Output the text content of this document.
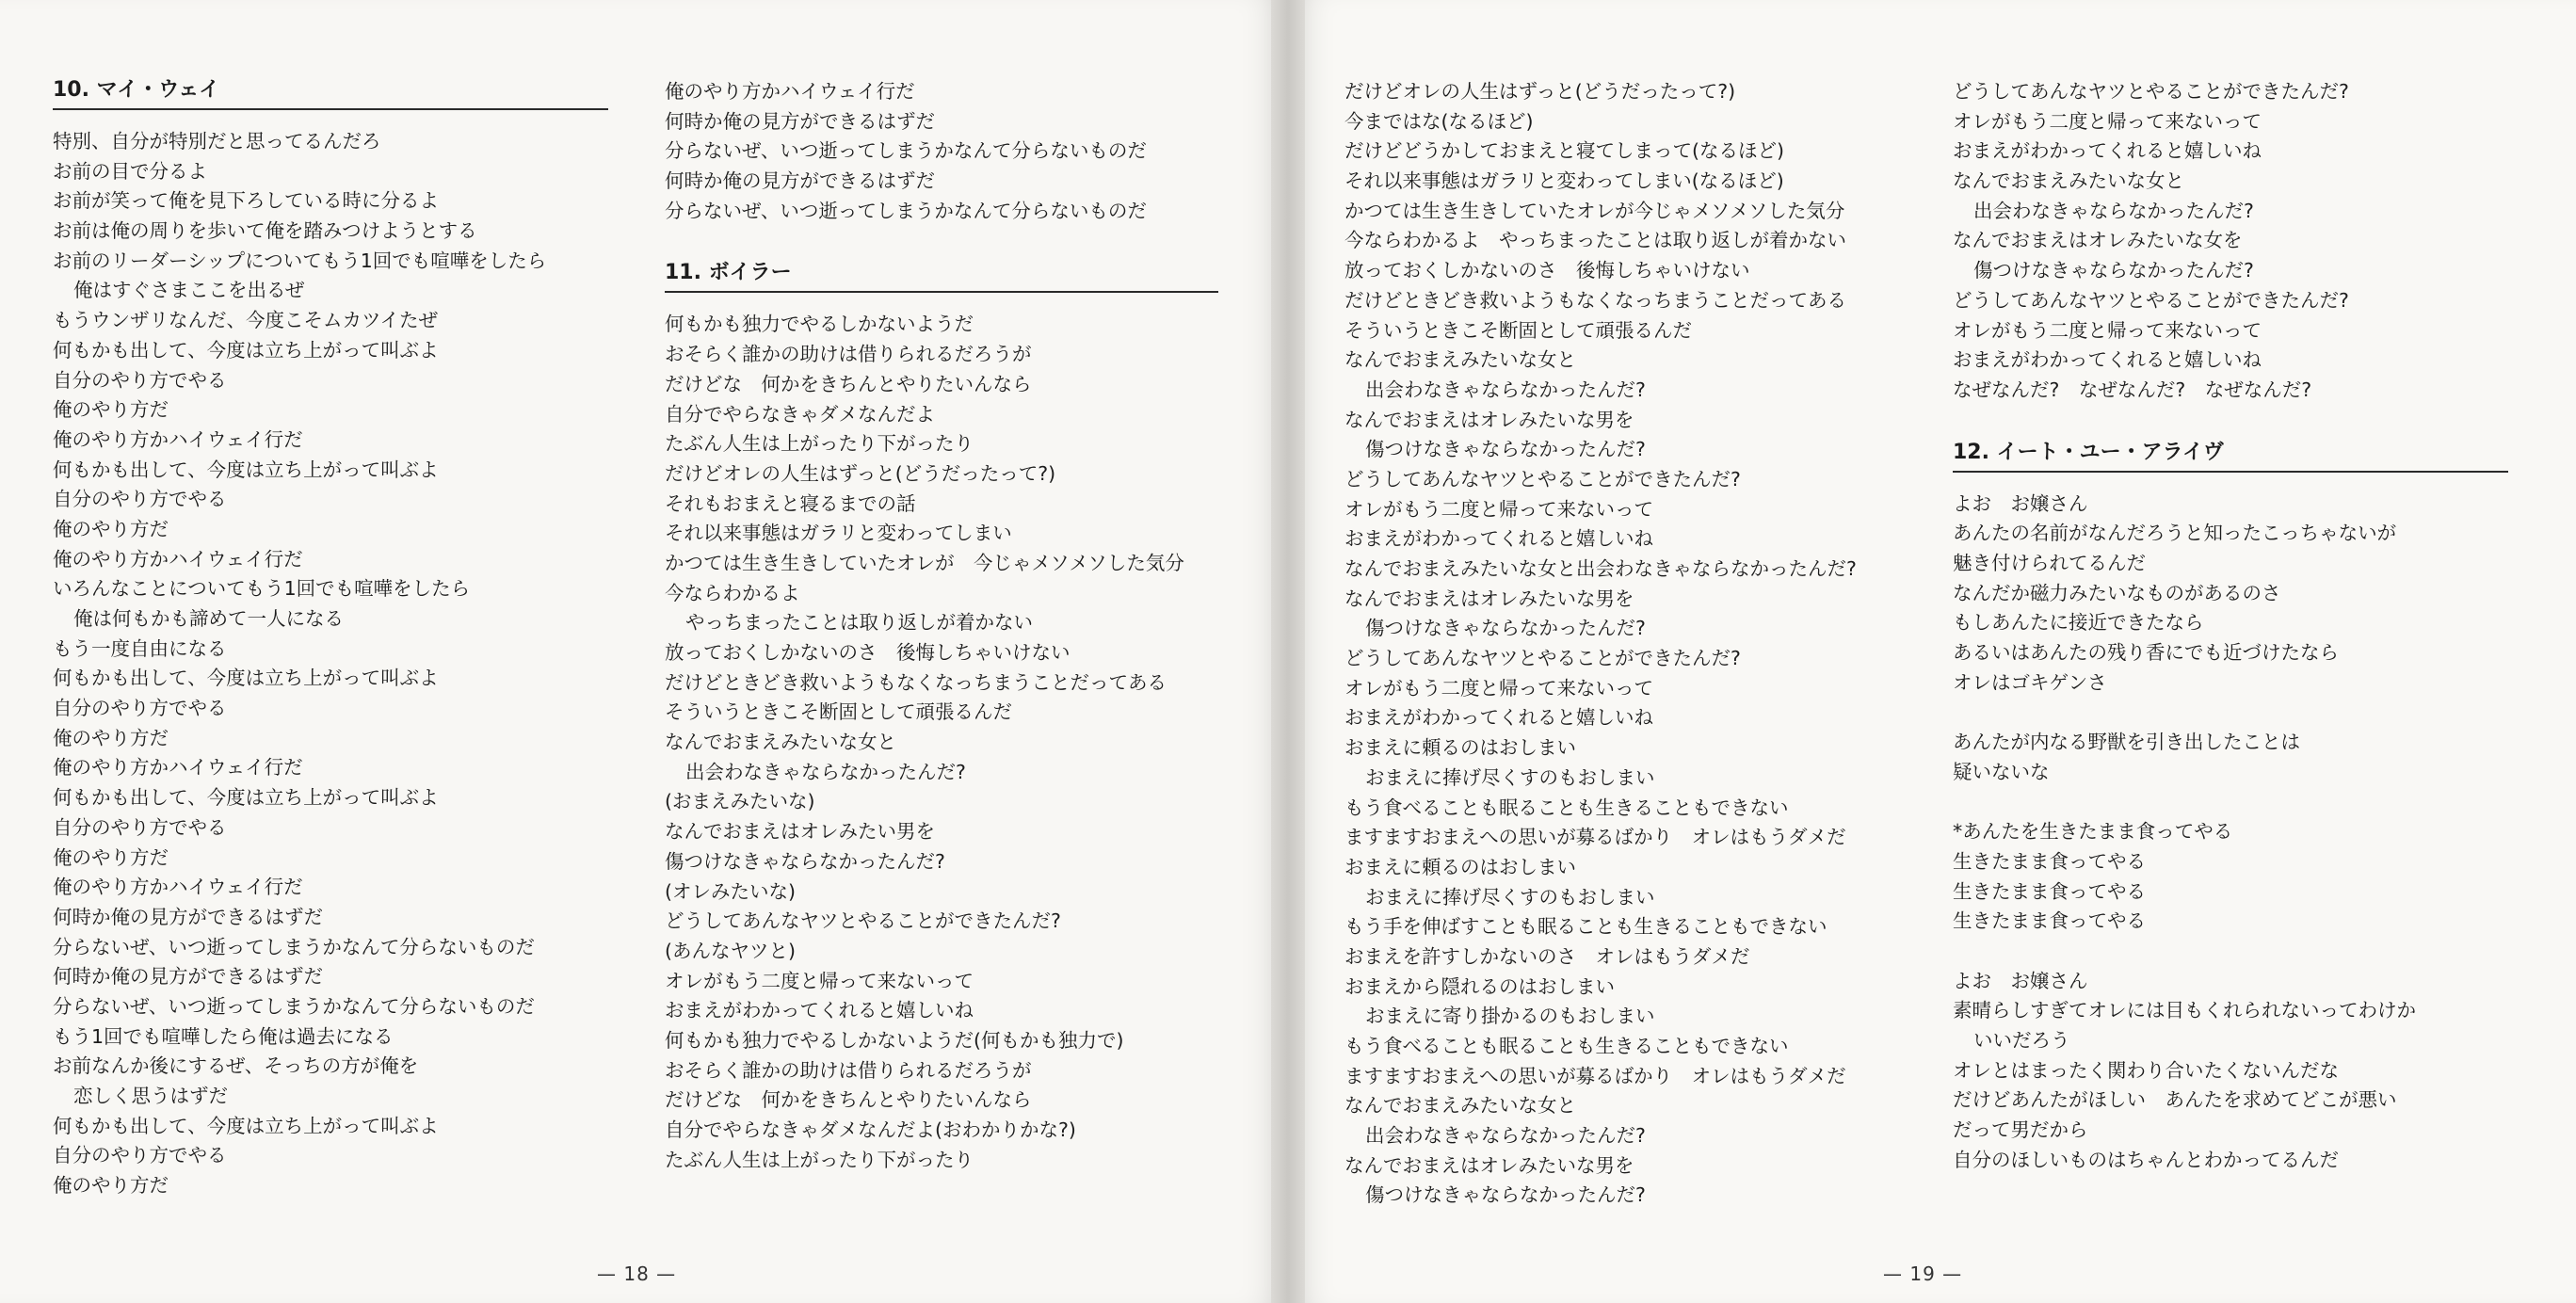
10. マイ・ウェイ
特別、自分が特別だと思ってるんだろ
お前の目で分るよ
お前が笑って俺を見下ろしている時に分るよ
お前は俺の周りを歩いて俺を踏みつけようとする
お前のリーダーシップについてもう1回でも喧嘩をしたら
俺はすぐさまここを出るぜ
もうウンザリなんだ、今度こそムカツイたぜ
何もかも出して、今度は立ち上がって叫ぶよ
自分のやり方でやる
俺のやり方だ
俺のやり方かハイウェイ行だ
何もかも出して、今度は立ち上がって叫ぶよ
自分のやり方でやる
俺のやり方だ
俺のやり方かハイウェイ行だ
いろんなことについてもう1回でも喧嘩をしたら
俺は何もかも諦めて一人になる
もう一度自由になる
何もかも出して、今度は立ち上がって叫ぶよ
自分のやり方でやる
俺のやり方だ
俺のやり方かハイウェイ行だ
何もかも出して、今度は立ち上がって叫ぶよ
自分のやり方でやる
俺のやり方だ
俺のやり方かハイウェイ行だ
何時か俺の見方ができるはずだ
分らないぜ、いつ逝ってしまうかなんて分らないものだ
何時か俺の見方ができるはずだ
分らないぜ、いつ逝ってしまうかなんて分らないものだ
もう1回でも喧嘩したら俺は過去になる
お前なんか後にするぜ、そっちの方が俺を
恋しく思うはずだ
何もかも出して、今度は立ち上がって叫ぶよ
自分のやり方でやる
俺のやり方だ
俺のやり方かハイウェイ行だ
何時か俺の見方ができるはずだ
分らないぜ、いつ逝ってしまうかなんて分らないものだ
何時か俺の見方ができるはずだ
分らないぜ、いつ逝ってしまうかなんて分らないものだ
11. ボイラー
何もかも独力でやるしかないようだ
おそらく誰かの助けは借りられるだろうが
だけどな　何かをきちんとやりたいんなら
自分でやらなきゃダメなんだよ
たぶん人生は上がったり下がったり
だけどオレの人生はずっと(どうだったって?)
それもおまえと寝るまでの話
それ以来事態はガラリと変わってしまい
かつては生き生きしていたオレが　今じゃメソメソした気分
今ならわかるよ
やっちまったことは取り返しが着かない
放っておくしかないのさ　後悔しちゃいけない
だけどときどき救いようもなくなっちまうことだってある
そういうときこそ断固として頑張るんだ
なんでおまえみたいな女と
出会わなきゃならなかったんだ?
(おまえみたいな)
なんでおまえはオレみたい男を
傷つけなきゃならなかったんだ?
(オレみたいな)
どうしてあんなヤツとやることができたんだ?
(あんなヤツと)
オレがもう二度と帰って来ないって
おまえがわかってくれると嬉しいね
何もかも独力でやるしかないようだ(何もかも独力で)
おそらく誰かの助けは借りられるだろうが
だけどな　何かをきちんとやりたいんなら
自分でやらなきゃダメなんだよ(おわかりかな?)
たぶん人生は上がったり下がったり
— 18 —
だけどオレの人生はずっと(どうだったって?)
今まではな(なるほど)
だけどどうかしておまえと寝てしまって(なるほど)
それ以来事態はガラリと変わってしまい(なるほど)
かつては生き生きしていたオレが今じゃメソメソした気分
今ならわかるよ　やっちまったことは取り返しが着かない
放っておくしかないのさ　後悔しちゃいけない
だけどときどき救いようもなくなっちまうことだってある
そういうときこそ断固として頑張るんだ
なんでおまえみたいな女と
出会わなきゃならなかったんだ?
なんでおまえはオレみたいな男を
傷つけなきゃならなかったんだ?
どうしてあんなヤツとやることができたんだ?
オレがもう二度と帰って来ないって
おまえがわかってくれると嬉しいね
なんでおまえみたいな女と出会わなきゃならなかったんだ?
なんでおまえはオレみたいな男を
傷つけなきゃならなかったんだ?
どうしてあんなヤツとやることができたんだ?
オレがもう二度と帰って来ないって
おまえがわかってくれると嬉しいね
おまえに頼るのはおしまい
おまえに捧げ尽くすのもおしまい
もう食べることも眠ることも生きることもできない
ますますおまえへの思いが募るばかり　オレはもうダメだ
おまえに頼るのはおしまい
おまえに捧げ尽くすのもおしまい
もう手を伸ばすことも眠ることも生きることもできない
おまえを許すしかないのさ　オレはもうダメだ
おまえから隠れるのはおしまい
おまえに寄り掛かるのもおしまい
もう食べることも眠ることも生きることもできない
ますますおまえへの思いが募るばかり　オレはもうダメだ
なんでおまえみたいな女と
出会わなきゃならなかったんだ?
なんでおまえはオレみたいな男を
傷つけなきゃならなかったんだ?
どうしてあんなヤツとやることができたんだ?
オレがもう二度と帰って来ないって
おまえがわかってくれると嬉しいね
なんでおまえみたいな女と
出会わなきゃならなかったんだ?
なんでおまえはオレみたいな女を
傷つけなきゃならなかったんだ?
どうしてあんなヤツとやることができたんだ?
オレがもう二度と帰って来ないって
おまえがわかってくれると嬉しいね
なぜなんだ?　なぜなんだ?　なぜなんだ?
12. イート・ユー・アライヴ
よお　お嬢さん
あんたの名前がなんだろうと知ったこっちゃないが
魅き付けられてるんだ
なんだか磁力みたいなものがあるのさ
もしあんたに接近できたなら
あるいはあんたの残り香にでも近づけたなら
オレはゴキゲンさ
あんたが内なる野獣を引き出したことは
疑いないな
*あんたを生きたまま食ってやる
生きたまま食ってやる
生きたまま食ってやる
生きたまま食ってやる
よお　お嬢さん
素晴らしすぎてオレには目もくれられないってわけか
いいだろう
オレとはまったく関わり合いたくないんだな
だけどあんたがほしい　あんたを求めてどこが悪い
だって男だから
自分のほしいものはちゃんとわかってるんだ
— 19 —
